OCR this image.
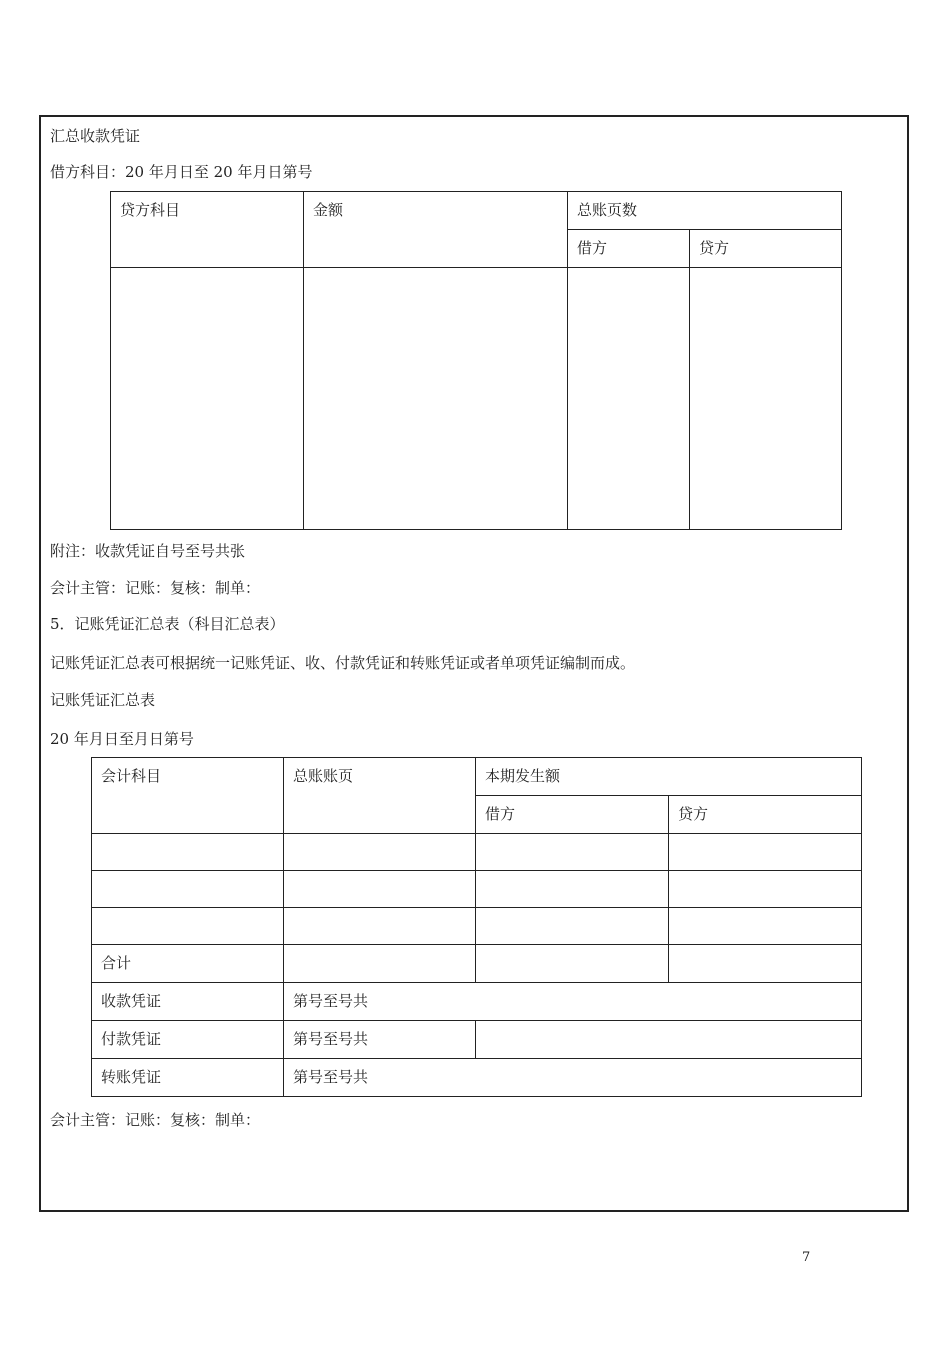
汇总收款凭证
借方科目：20 年月日至 20 年月日第号
贷方科目	金额	总账页数	
		借方	贷方

附注：收款凭证自号至号共张
会计主管：记账：复核：制单：
5．记账凭证汇总表（科目汇总表）
记账凭证汇总表可根据统一记账凭证、收、付款凭证和转账凭证或者单项凭证编制而成。
记账凭证汇总表
20 年月日至月日第号
会计科目	总账账页	本期发生额	
		借方	贷方

合计			
收款凭证	第号至号共		
付款凭证	第号至号共		
转账凭证	第号至号共		
会计主管：记账：复核：制单：
7
